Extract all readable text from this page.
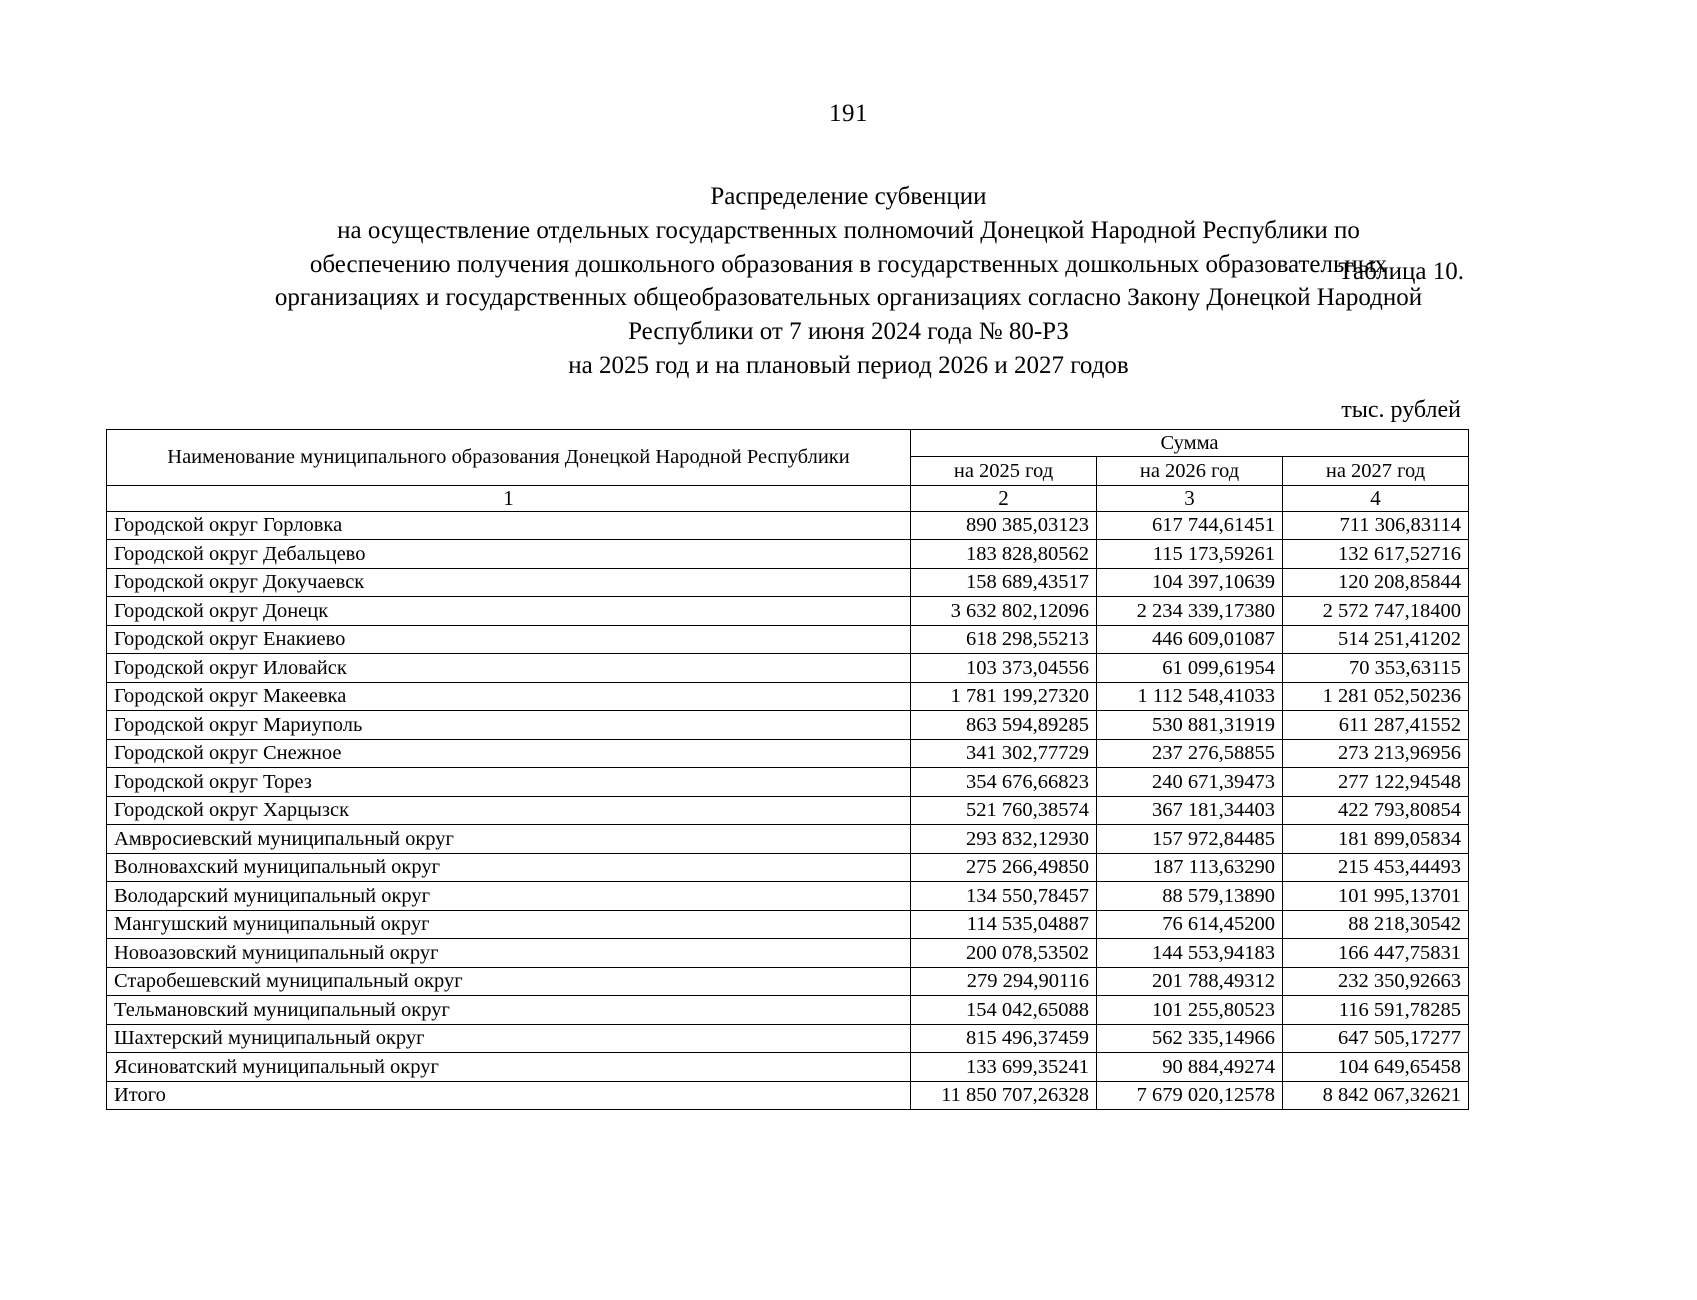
191
Таблица 10.
Распределение субвенции
на осуществление отдельных государственных полномочий Донецкой Народной Республики по
обеспечению получения дошкольного образования в государственных дошкольных образовательных
организациях и государственных общеобразовательных организациях согласно Закону Донецкой Народной
Республики от 7 июня 2024 года № 80-РЗ
на 2025 год и на плановый период 2026 и 2027 годов
тыс. рублей
Наименование муниципального образования Донецкой Народной Республики	Сумма		
	на 2025 год	на 2026 год	на 2027 год
1	2	3	4
Городской округ Горловка	890 385,03123	617 744,61451	711 306,83114
Городской округ Дебальцево	183 828,80562	115 173,59261	132 617,52716
Городской округ Докучаевск	158 689,43517	104 397,10639	120 208,85844
Городской округ Донецк	3 632 802,12096	2 234 339,17380	2 572 747,18400
Городской округ Енакиево	618 298,55213	446 609,01087	514 251,41202
Городской округ Иловайск	103 373,04556	61 099,61954	70 353,63115
Городской округ Макеевка	1 781 199,27320	1 112 548,41033	1 281 052,50236
Городской округ Мариуполь	863 594,89285	530 881,31919	611 287,41552
Городской округ Снежное	341 302,77729	237 276,58855	273 213,96956
Городской округ Торез	354 676,66823	240 671,39473	277 122,94548
Городской округ Харцызск	521 760,38574	367 181,34403	422 793,80854
Амвросиевский муниципальный округ	293 832,12930	157 972,84485	181 899,05834
Волновахский муниципальный округ	275 266,49850	187 113,63290	215 453,44493
Володарский муниципальный округ	134 550,78457	88 579,13890	101 995,13701
Мангушский муниципальный округ	114 535,04887	76 614,45200	88 218,30542
Новоазовский муниципальный округ	200 078,53502	144 553,94183	166 447,75831
Старобешевский муниципальный округ	279 294,90116	201 788,49312	232 350,92663
Тельмановский муниципальный округ	154 042,65088	101 255,80523	116 591,78285
Шахтерский муниципальный округ	815 496,37459	562 335,14966	647 505,17277
Ясиноватский муниципальный округ	133 699,35241	90 884,49274	104 649,65458
Итого	11 850 707,26328	7 679 020,12578	8 842 067,32621
